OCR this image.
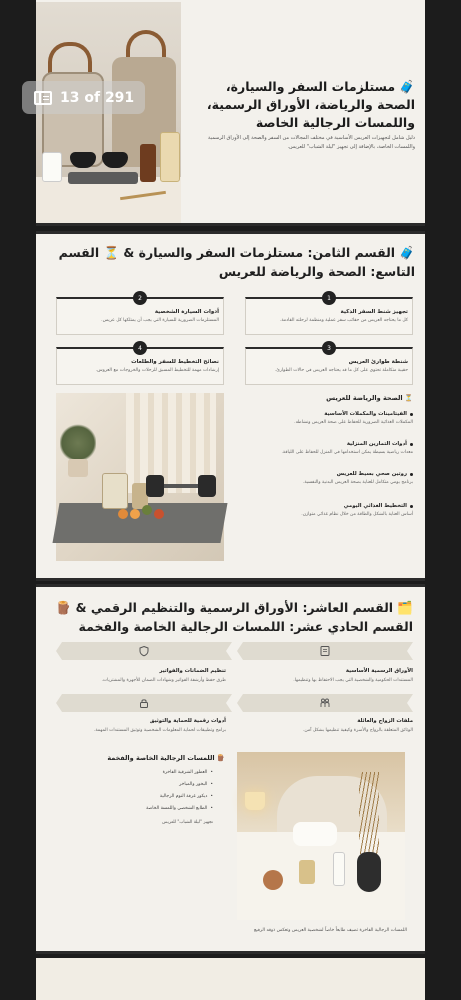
🧳 مستلزمات السفر والسيارة، الصحة والرياضة، الأوراق الرسمية، واللمسات الرجالية الخاصة
دليل شامل لتجهيزات العريس الأساسية في مختلف المجالات من السفر والصحة إلى الأوراق الرسمية واللمسات الخاصة، بالإضافة إلى تجهيز "ليلة الشباب" للعريس.
🧳 القسم الثامن: مستلزمات السفر والسيارة & ⏳ القسم التاسع: الصحة والرياضة للعريس
1
تجهيز شنط السفر الذكية
كل ما يحتاجه العريس من حقائب سفر عملية ومنظمة لرحلته القادمة.
2
أدوات السيارة الشخصية
المستلزمات الضرورية للسيارة التي يجب أن يمتلكها كل عريس.
3
شنطة طوارئ العريس
حقيبة متكاملة تحتوي على كل ما قد يحتاجه العريس في حالات الطوارئ.
4
نصائح التخطيط للسفر والطلعات
إرشادات مهمة للتخطيط المسبق للرحلات والخروجات مع العروس.
⏳ الصحة والرياضة للعريس
الفيتامينات والمكملات الأساسية
المكملات الغذائية الضرورية للحفاظ على صحة العريس ونشاطه.
أدوات التمارين المنزلية
معدات رياضية بسيطة يمكن استخدامها في المنزل للحفاظ على اللياقة.
روتين صحي بسيط للعريس
برنامج يومي متكامل للعناية بصحة العريس البدنية والنفسية.
التخطيط الغذائي اليومي
أساس العناية بالشكل والطاقة من خلال نظام غذائي متوازن.
🗂️ القسم العاشر: الأوراق الرسمية والتنظيم الرقمي & 🪵 القسم الحادي عشر: اللمسات الرجالية الخاصة والفخمة
الأوراق الرسمية الأساسية
المستندات الحكومية والشخصية التي يجب الاحتفاظ بها وتنظيمها.
تنظيم الضمانات والفواتير
طرق حفظ وأرشفة الفواتير وشهادات الضمان للأجهزة والمشتريات.
ملفات الزواج والعائلة
الوثائق المتعلقة بالزواج والأسرة وكيفية تنظيمها بشكل آمن.
أدوات رقمية للحماية والتوثيق
برامج وتطبيقات لحماية المعلومات الشخصية وتوثيق المستندات المهمة.
🪵 اللمسات الرجالية الخاصة والفخمة
• العطور الشرقية الفاخرة
• البخور والمباخر
• ديكور غرفة النوم الرجالية
• الطابع الشخصي واللمسة الخاصة
تجهيز "ليلة الشباب" للعريس
اللمسات الرجالية الفاخرة تضيف طابعاً خاصاً لشخصية العريس وتعكس ذوقه الرفيع
13 of 291
